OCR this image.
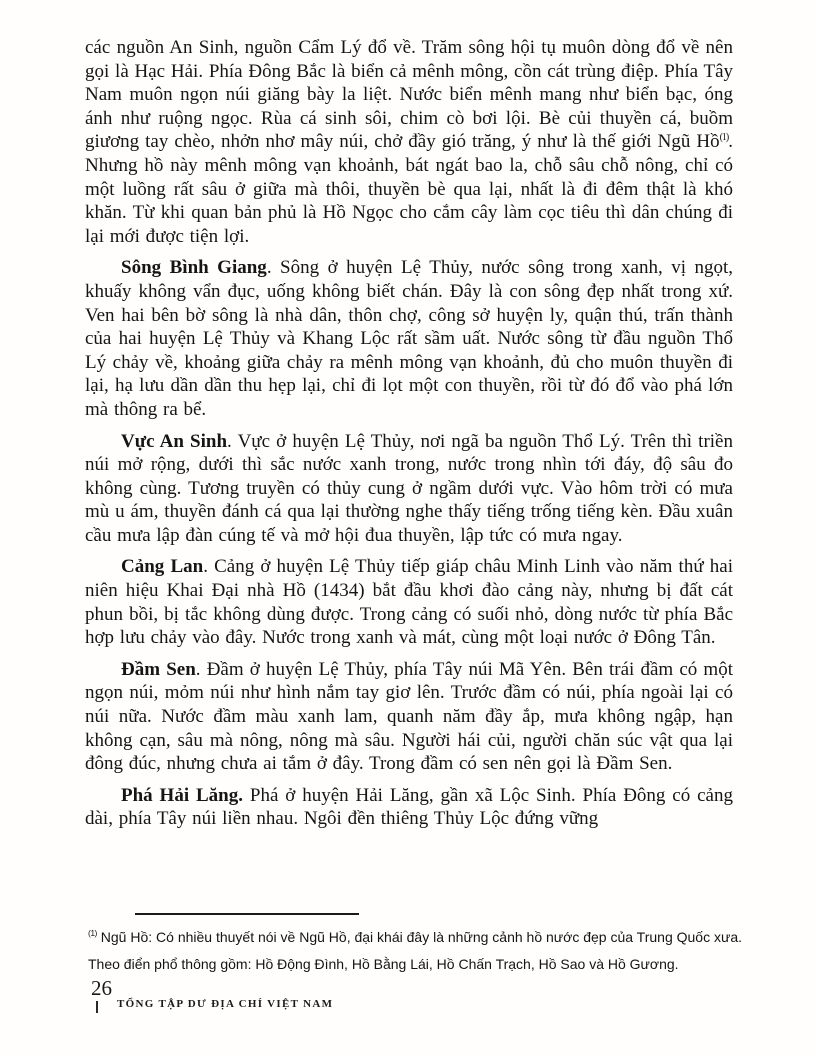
các nguồn An Sinh, nguồn Cẩm Lý đổ về. Trăm sông hội tụ muôn dòng đổ về nên gọi là Hạc Hải. Phía Đông Bắc là biển cả mênh mông, cồn cát trùng điệp. Phía Tây Nam muôn ngọn núi giăng bày la liệt. Nước biển mênh mang như biển bạc, óng ánh như ruộng ngọc. Rùa cá sinh sôi, chim cò bơi lội. Bè củi thuyền cá, buồm giương tay chèo, nhởn nhơ mây núi, chở đầy gió trăng, ý như là thế giới Ngũ Hồ$^{(1)}$. Nhưng hồ này mênh mông vạn khoảnh, bát ngát bao la, chỗ sâu chỗ nông, chỉ có một luồng rất sâu ở giữa mà thôi, thuyền bè qua lại, nhất là đi đêm thật là khó khăn. Từ khi quan bản phủ là Hồ Ngọc cho cắm cây làm cọc tiêu thì dân chúng đi lại mới được tiện lợi.

Sông Bình Giang. Sông ở huyện Lệ Thủy, nước sông trong xanh, vị ngọt, khuấy không vẩn đục, uống không biết chán. Đây là con sông đẹp nhất trong xứ. Ven hai bên bờ sông là nhà dân, thôn chợ, công sở huyện ly, quận thú, trấn thành của hai huyện Lệ Thủy và Khang Lộc rất sầm uất. Nước sông từ đầu nguồn Thổ Lý chảy về, khoảng giữa chảy ra mênh mông vạn khoảnh, đủ cho muôn thuyền đi lại, hạ lưu dần dần thu hẹp lại, chỉ đi lọt một con thuyền, rồi từ đó đổ vào phá lớn mà thông ra bể.

Vực An Sinh. Vực ở huyện Lệ Thủy, nơi ngã ba nguồn Thổ Lý. Trên thì triền núi mở rộng, dưới thì sắc nước xanh trong, nước trong nhìn tới đáy, độ sâu đo không cùng. Tương truyền có thủy cung ở ngầm dưới vực. Vào hôm trời có mưa mù u ám, thuyền đánh cá qua lại thường nghe thấy tiếng trống tiếng kèn. Đầu xuân cầu mưa lập đàn cúng tế và mở hội đua thuyền, lập tức có mưa ngay.

Cảng Lan. Cảng ở huyện Lệ Thủy tiếp giáp châu Minh Linh vào năm thứ hai niên hiệu Khai Đại nhà Hồ (1434) bắt đầu khơi đào cảng này, nhưng bị đất cát phun bồi, bị tắc không dùng được. Trong cảng có suối nhỏ, dòng nước từ phía Bắc hợp lưu chảy vào đây. Nước trong xanh và mát, cùng một loại nước ở Đông Tân.

Đầm Sen. Đầm ở huyện Lệ Thủy, phía Tây núi Mã Yên. Bên trái đầm có một ngọn núi, mỏm núi như hình nắm tay giơ lên. Trước đầm có núi, phía ngoài lại có núi nữa. Nước đầm màu xanh lam, quanh năm đầy ắp, mưa không ngập, hạn không cạn, sâu mà nông, nông mà sâu. Người hái củi, người chăn súc vật qua lại đông đúc, nhưng chưa ai tắm ở đây. Trong đầm có sen nên gọi là Đầm Sen.

Phá Hải Lăng. Phá ở huyện Hải Lăng, gần xã Lộc Sinh. Phía Đông có cảng dài, phía Tây núi liền nhau. Ngôi đền thiêng Thủy Lộc đứng vững

$^{(1)}$ Ngũ Hồ: Có nhiều thuyết nói về Ngũ Hồ, đại khái đây là những cảnh hồ nước đẹp của Trung Quốc xưa. Theo điển phổ thông gồm: Hồ Động Đình, Hồ Bằng Lái, Hồ Chấn Trạch, Hồ Sao và Hồ Gương.
26
TỔNG TẬP DƯ ĐỊA CHÍ VIỆT NAM
